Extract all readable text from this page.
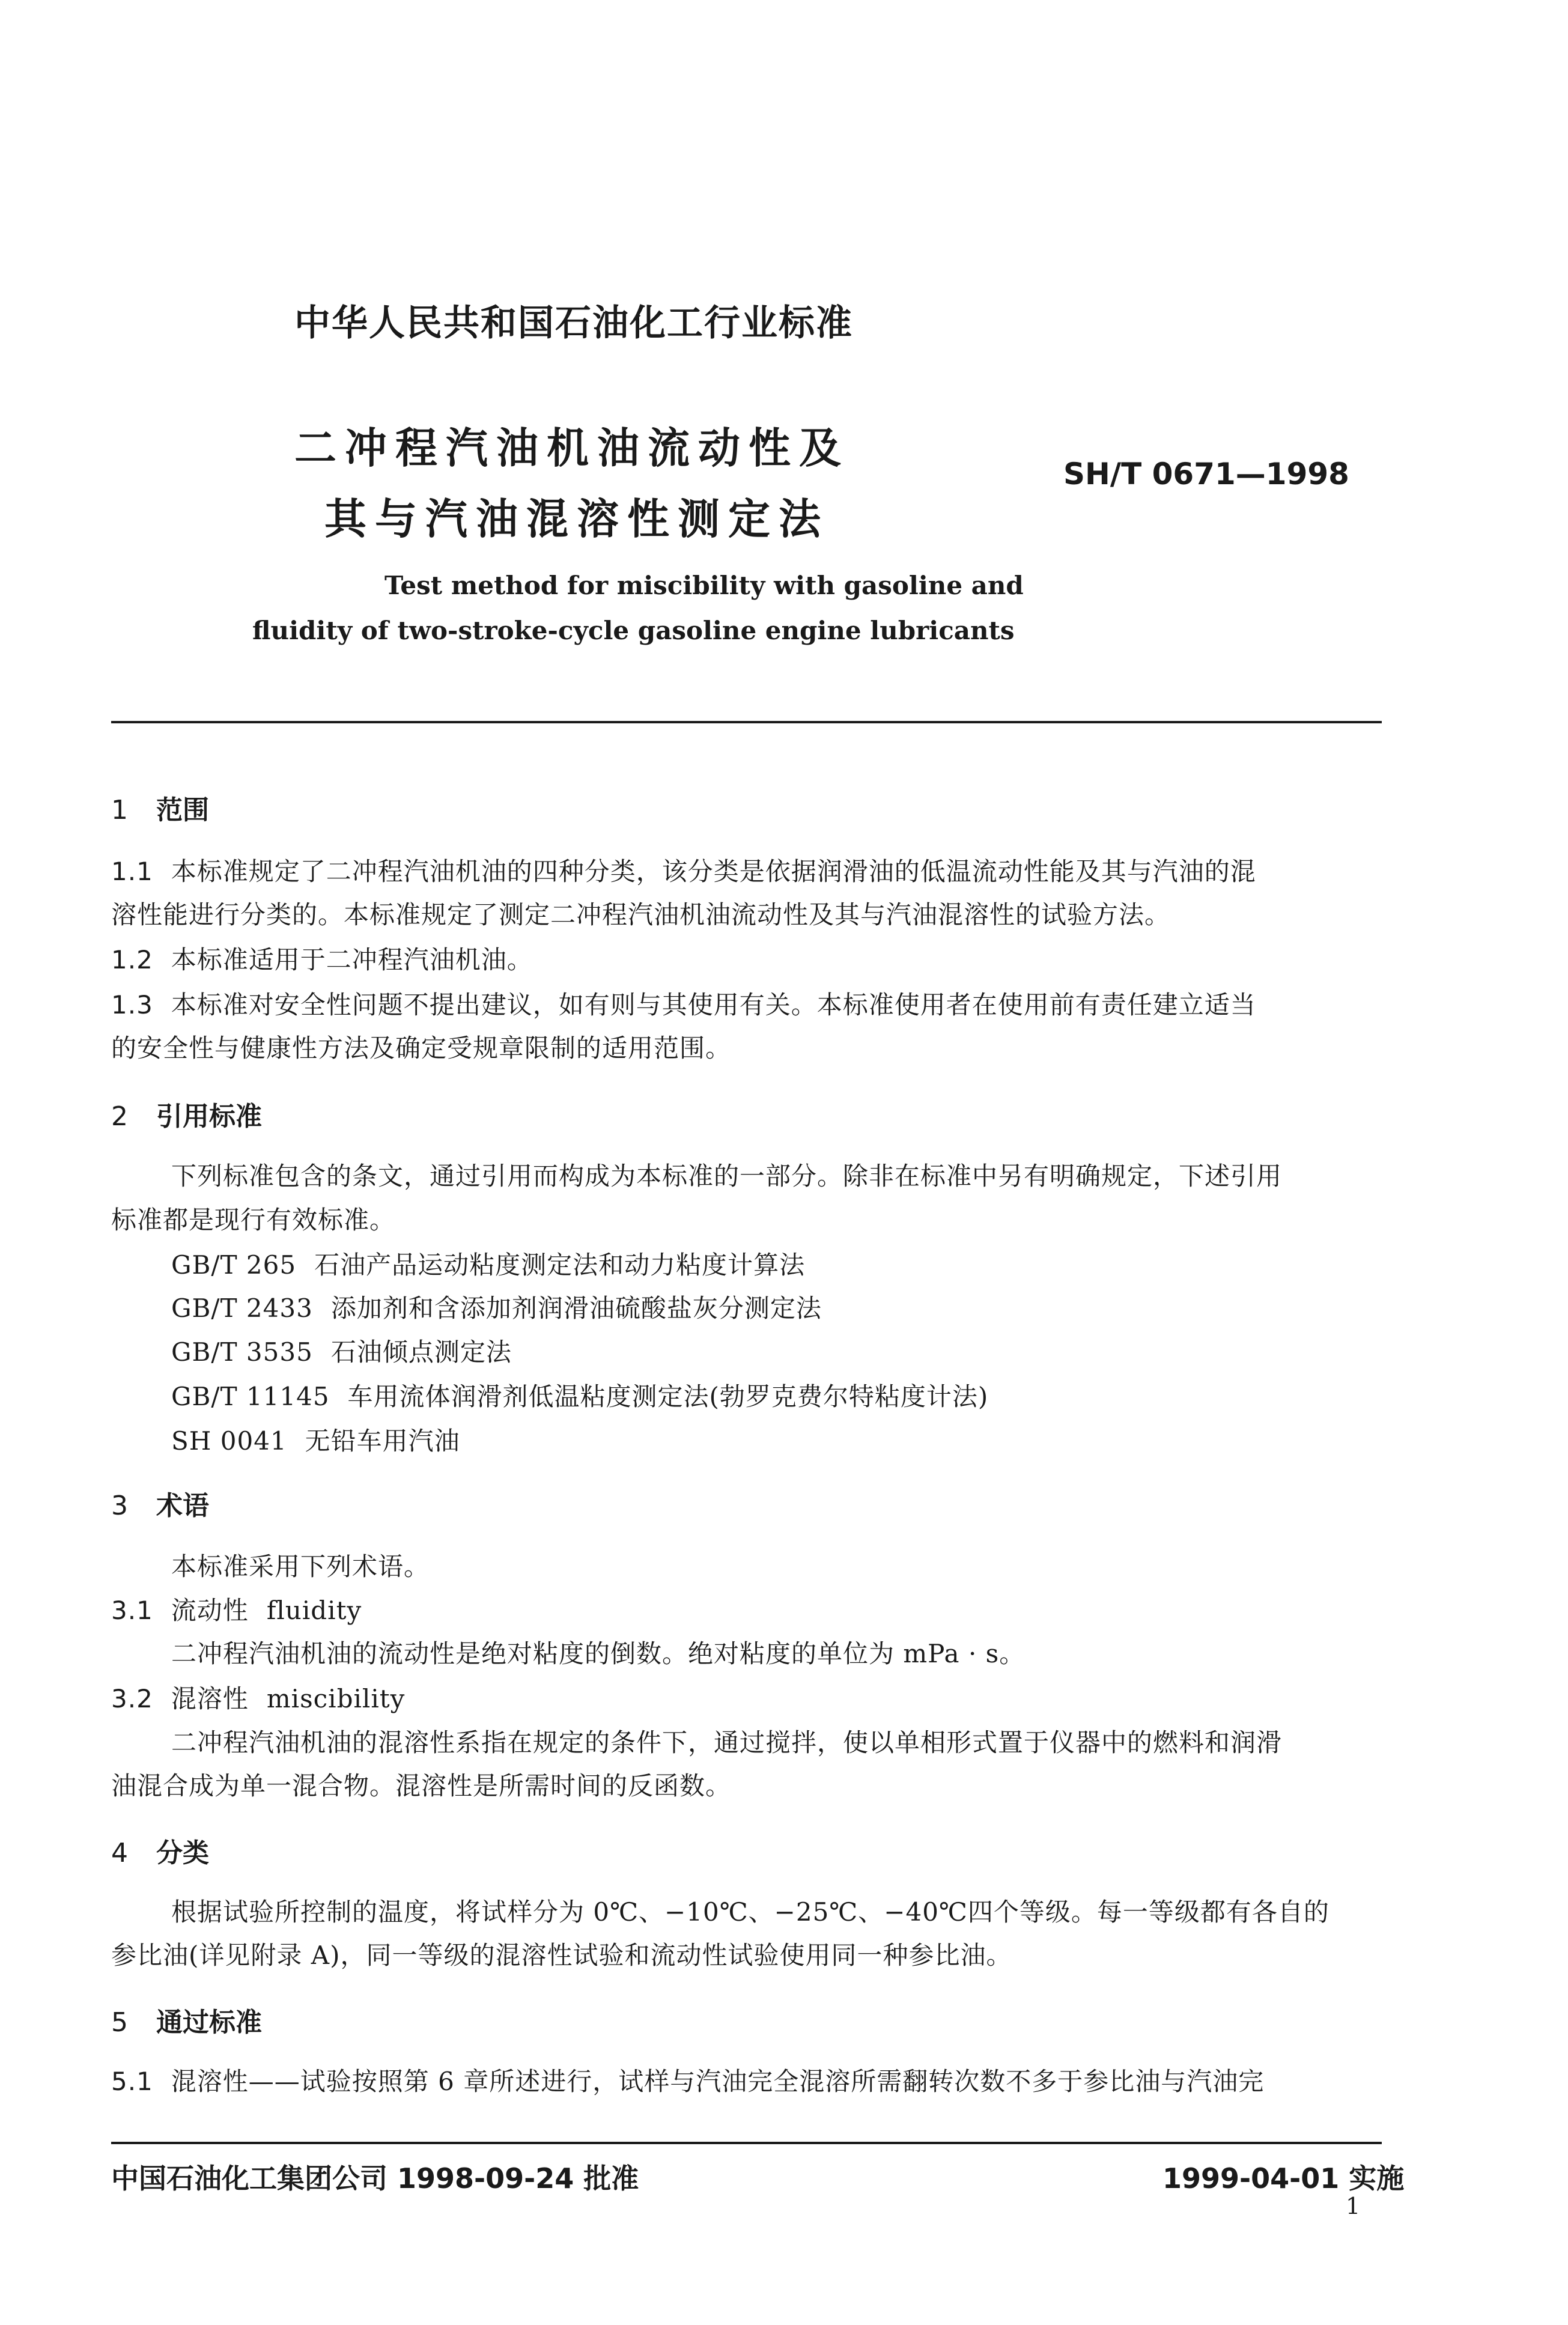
中华人民共和国石油化工行业标准
二冲程汽油机油流动性及
其与汽油混溶性测定法
SH/T 0671—1998
Test method for miscibility with gasoline and
fluidity of two-stroke-cycle gasoline engine lubricants
1 范围
1.1 本标准规定了二冲程汽油机油的四种分类，该分类是依据润滑油的低温流动性能及其与汽油的混
溶性能进行分类的。本标准规定了测定二冲程汽油机油流动性及其与汽油混溶性的试验方法。
1.2 本标准适用于二冲程汽油机油。
1.3 本标准对安全性问题不提出建议，如有则与其使用有关。本标准使用者在使用前有责任建立适当
的安全性与健康性方法及确定受规章限制的适用范围。
2 引用标准
下列标准包含的条文，通过引用而构成为本标准的一部分。除非在标准中另有明确规定，下述引用
标准都是现行有效标准。
GB/T 265 石油产品运动粘度测定法和动力粘度计算法
GB/T 2433 添加剂和含添加剂润滑油硫酸盐灰分测定法
GB/T 3535 石油倾点测定法
GB/T 11145 车用流体润滑剂低温粘度测定法(勃罗克费尔特粘度计法)
SH 0041 无铅车用汽油
3 术语
本标准采用下列术语。
3.1 流动性 fluidity
二冲程汽油机油的流动性是绝对粘度的倒数。绝对粘度的单位为 mPa · s。
3.2 混溶性 miscibility
二冲程汽油机油的混溶性系指在规定的条件下，通过搅拌，使以单相形式置于仪器中的燃料和润滑
油混合成为单一混合物。混溶性是所需时间的反函数。
4 分类
根据试验所控制的温度，将试样分为 0℃、−10℃、−25℃、−40℃四个等级。每一等级都有各自的
参比油(详见附录 A)，同一等级的混溶性试验和流动性试验使用同一种参比油。
5 通过标准
5.1 混溶性——试验按照第 6 章所述进行，试样与汽油完全混溶所需翻转次数不多于参比油与汽油完
中国石油化工集团公司 1998-09-24 批准	1999-04-01 实施
1
